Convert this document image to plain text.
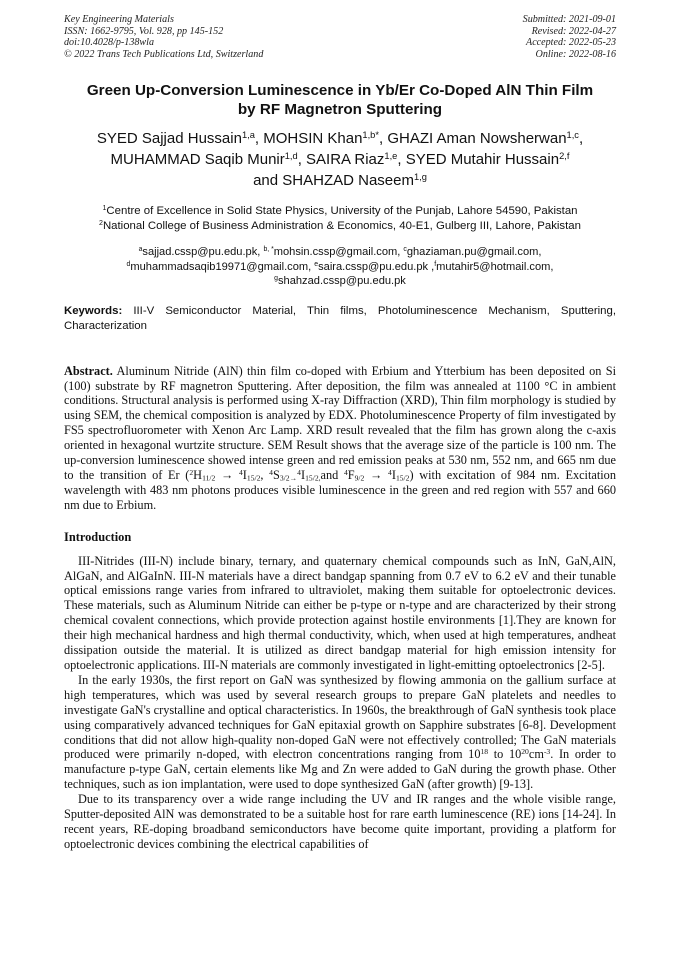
Key Engineering Materials
ISSN: 1662-9795, Vol. 928, pp 145-152
doi:10.4028/p-138wla
© 2022 Trans Tech Publications Ltd, Switzerland
Submitted: 2021-09-01
Revised: 2022-04-27
Accepted: 2022-05-23
Online: 2022-08-16
Green Up-Conversion Luminescence in Yb/Er Co-Doped AlN Thin Film
by RF Magnetron Sputtering
SYED Sajjad Hussain$^{1,a}$, MOHSIN Khan$^{1,b*}$, GHAZI Aman Nowsherwan$^{1,c}$,
MUHAMMAD Saqib Munir$^{1,d}$, SAIRA Riaz$^{1,e}$, SYED Mutahir Hussain$^{2,f}$
and SHAHZAD Naseem$^{1,g}$
$^1$Centre of Excellence in Solid State Physics, University of the Punjab, Lahore 54590, Pakistan
$^2$National College of Business Administration & Economics, 40-E1, Gulberg III, Lahore, Pakistan
$^a$sajjad.cssp@pu.edu.pk, $^{b, *}$mohsin.cssp@gmail.com, $^c$ghaziaman.pu@gmail.com,
$^d$muhammadsaqib19971@gmail.com, $^e$saira.cssp@pu.edu.pk ,$^f$mutahir5@hotmail.com,
$^g$shahzad.cssp@pu.edu.pk
Keywords: III-V Semiconductor Material, Thin films, Photoluminescence Mechanism, Sputtering, Characterization
Abstract. Aluminum Nitride (AlN) thin film co-doped with Erbium and Ytterbium has been deposited on Si (100) substrate by RF magnetron Sputtering. After deposition, the film was annealed at 1100 °C in ambient conditions. Structural analysis is performed using X-ray Diffraction (XRD), Thin film morphology is studied by using SEM, the chemical composition is analyzed by EDX. Photoluminescence Property of film investigated by FS5 spectrofluorometer with Xenon Arc Lamp. XRD result revealed that the film has grown along the c-axis oriented in hexagonal wurtzite structure. SEM Result shows that the average size of the particle is 100 nm. The up-conversion luminescence showed intense green and red emission peaks at 530 nm, 552 nm, and 665 nm due to the transition of Er ($^2H_{11/2} \to ^4I_{15/2}$, $^4S_{3/2\to}^4I_{15/2,}and$ $^4F_{9/2} \to ^4I_{15/2}$) with excitation of 984 nm. Excitation wavelength with 483 nm photons produces visible luminescence in the green and red region with 557 and 660 nm due to Erbium.
Introduction

III-Nitrides (III-N) include binary, ternary, and quaternary chemical compounds such as InN, GaN,AlN, AlGaN, and AlGaInN. III-N materials have a direct bandgap spanning from 0.7 eV to 6.2 eV and their tunable optical emissions range varies from infrared to ultraviolet, making them suitable for optoelectronic devices. These materials, such as Aluminum Nitride can either be p-type or n-type and are characterized by their strong chemical covalent connections, which provide protection against hostile environments [1].They are known for their high mechanical hardness and high thermal conductivity, which, when used at high temperatures, andheat dissipation outside the material. It is utilized as direct bandgap material for high emission intensity for optoelectronic applications. III-N materials are commonly investigated in light-emitting optoelectronics [2-5].

In the early 1930s, the first report on GaN was synthesized by flowing ammonia on the gallium surface at high temperatures, which was used by several research groups to prepare GaN platelets and needles to investigate GaN's crystalline and optical characteristics. In 1960s, the breakthrough of GaN synthesis took place using comparatively advanced techniques for GaN epitaxial growth on Sapphire substrates [6-8]. Development conditions that did not allow high-quality non-doped GaN were not effectively controlled; The GaN materials produced were primarily n-doped, with electron concentrations ranging from $10^{18}$ to $10^{20}cm^{-3}$. In order to manufacture p-type GaN, certain elements like Mg and Zn were added to GaN during the growth phase. Other techniques, such as ion implantation, were used to dope synthesized GaN (after growth) [9-13].

Due to its transparency over a wide range including the UV and IR ranges and the whole visible range, Sputter-deposited AlN was demonstrated to be a suitable host for rare earth luminescence (RE) ions [14-24]. In recent years, RE-doping broadband semiconductors have become quite important, providing a platform for optoelectronic devices combining the electrical capabilities of
